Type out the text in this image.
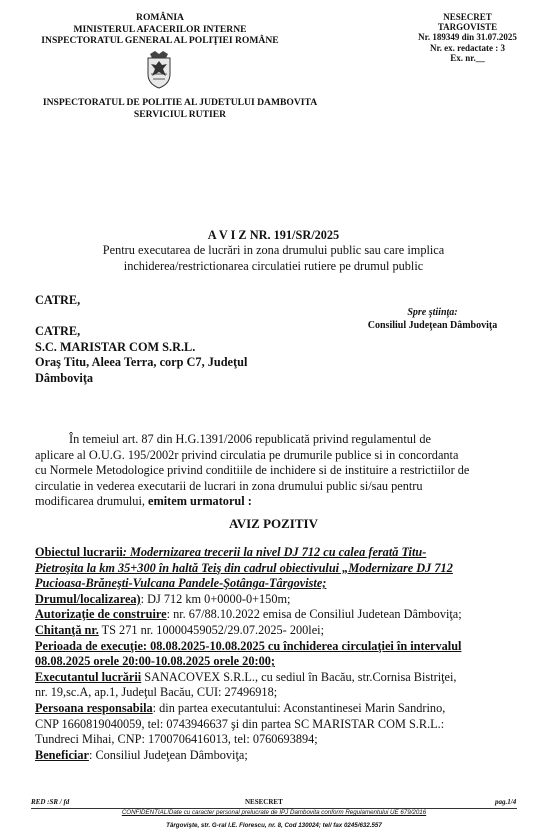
ROMÂNIA
MINISTERUL AFACERILOR INTERNE
INSPECTORATUL GENERAL AL POLIŢIEI ROMÂNE
NESECRET
TARGOVISTE
Nr. 189349 din 31.07.2025
Nr. ex. redactate : 3
Ex. nr.__
INSPECTORATUL DE POLITIE AL JUDETULUI DAMBOVITA
SERVICIUL RUTIER
A V I Z NR. 191/SR/2025
Pentru executarea de lucrări in zona drumului public sau care implica
inchiderea/restrictionarea circulatiei rutiere pe drumul public
CATRE,
Spre ştiinţa:
Consiliul Judeţean Dâmboviţa
CATRE,
S.C. MARISTAR COM S.R.L.
Oraş Titu, Aleea Terra, corp C7, Judeţul
Dâmboviţa
În temeiul art. 87 din H.G.1391/2006 republicată privind regulamentul de
aplicare al O.U.G. 195/2002r privind circulatia pe drumurile publice si in concordanta
cu Normele Metodologice privind conditiile de inchidere si de instituire a restrictiilor de
circulatie in vederea executarii de lucrari in zona drumului public si/sau pentru
modificarea drumului, emitem urmatorul :
AVIZ POZITIV
Obiectul lucrarii: Modernizarea trecerii la nivel DJ 712 cu calea ferată Titu-
Pietroşita la km 35+300 în haltă Teiş din cadrul obiectivului „Modernizare DJ 712
Pucioasa-Brăneşti-Vulcana Pandele-Şotânga-Târgoviste;
Drumul/localizarea): DJ 712 km 0+0000-0+150m;
Autorizaţie de construire: nr. 67/88.10.2022 emisa de Consiliul Judetean Dâmboviţa;
Chitanţă nr. TS 271 nr. 10000459052/29.07.2025- 200lei;
Perioada de execuţie: 08.08.2025-10.08.2025 cu închiderea circulaţiei în intervalul
08.08.2025 orele 20:00-10.08.2025 orele 20:00;
Executantul lucrării SANACOVEX S.R.L., cu sediul în Bacău, str.Cornisa Bistriţei,
nr. 19,sc.A, ap.1, Judeţul Bacău, CUI: 27496918;
Persoana responsabila: din partea executantului: Aconstantinesei Marin Sandrino,
CNP 1660819040059, tel: 0743946637 şi din partea SC MARISTAR COM S.R.L.:
Tundreci Mihai, CNP: 1700706416013, tel: 0760693894;
Beneficiar: Consiliul Judeţean Dâmboviţa;
RED :SR / fd	NESECRET	pag.1/4
CONFIDENTIAL!Date cu caracter personal prelucrate de IPJ Dambovita conform Regulamentului UE 679/2016
Târgovişte, str. G-ral I.E. Florescu, nr. 8, Cod 130024; tel/ fax 0245/632.557
